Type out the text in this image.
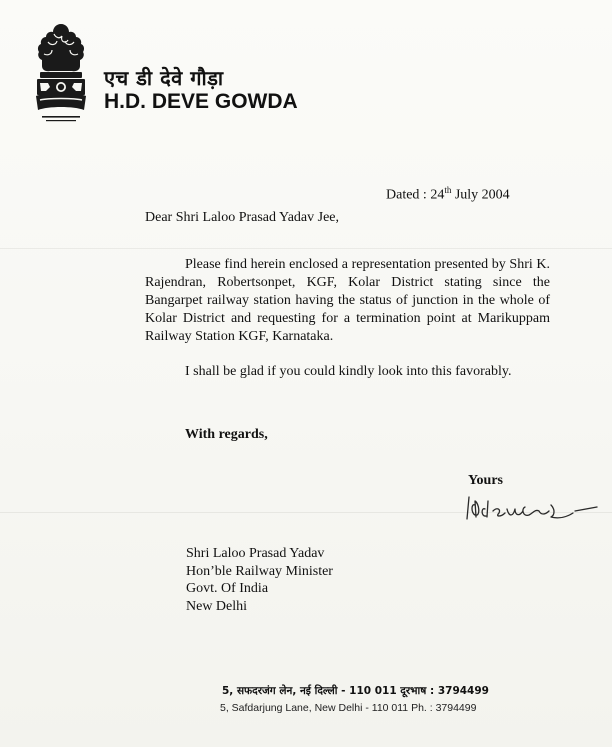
एच डी देवे गौड़ा
H.D. DEVE GOWDA
Dated : 24th July 2004
Dear Shri Laloo Prasad Yadav Jee,
Please find herein enclosed a representation presented by Shri K. Rajendran, Robertsonpet, KGF, Kolar District stating since the Bangarpet railway station having the status of junction in the whole of Kolar District and requesting for a termination point at Marikuppam Railway Station KGF, Karnataka.
I shall be glad if you could kindly look into this favorably.
With regards,
Yours
Shri Laloo Prasad Yadav
Hon’ble Railway Minister
Govt. Of India
New Delhi
5, सफदरजंग लेन, नई दिल्ली - 110 011 दूरभाष : 3794499
5, Safdarjung Lane, New Delhi - 110 011 Ph. : 3794499
